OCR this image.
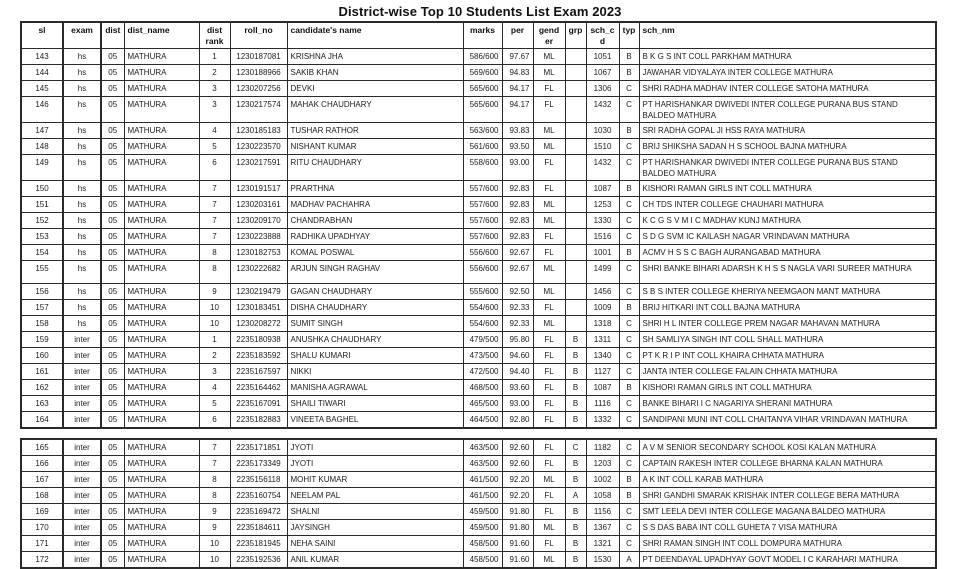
District-wise Top 10 Students List Exam 2023
sl	exam	dist	dist_name	dist rank	roll_no	candidate's name	marks	per	gender	grp	sch_cd	typ	sch_nm
143	hs	05	MATHURA	1	1230187081	KRISHNA JHA	586/600	97.67	ML		1051	B	B K G S INT COLL PARKHAM MATHURA
144	hs	05	MATHURA	2	1230188966	SAKIB KHAN	569/600	94.83	ML		1067	B	JAWAHAR VIDYALAYA INTER COLLEGE MATHURA
145	hs	05	MATHURA	3	1230207256	DEVKI	565/600	94.17	FL		1306	C	SHRI RADHA MADHAV INTER COLLEGE SATOHA MATHURA
146	hs	05	MATHURA	3	1230217574	MAHAK CHAUDHARY	565/600	94.17	FL		1432	C	PT HARISHANKAR DWIVEDI INTER COLLEGE PURANA BUS STAND BALDEO MATHURA
147	hs	05	MATHURA	4	1230185183	TUSHAR RATHOR	563/600	93.83	ML		1030	B	SRI RADHA GOPAL JI HSS RAYA MATHURA
148	hs	05	MATHURA	5	1230223570	NISHANT KUMAR	561/600	93.50	ML		1510	C	BRIJ SHIKSHA SADAN H S SCHOOL BAJNA MATHURA
149	hs	05	MATHURA	6	1230217591	RITU CHAUDHARY	558/600	93.00	FL		1432	C	PT HARISHANKAR DWIVEDI INTER COLLEGE PURANA BUS STAND BALDEO MATHURA
150	hs	05	MATHURA	7	1230191517	PRARTHNA	557/600	92.83	FL		1087	B	KISHORI RAMAN GIRLS INT COLL MATHURA
151	hs	05	MATHURA	7	1230203161	MADHAV PACHAHRA	557/600	92.83	ML		1253	C	CH TDS INTER COLLEGE CHAUHARI MATHURA
152	hs	05	MATHURA	7	1230209170	CHANDRABHAN	557/600	92.83	ML		1330	C	K C G S V M I C MADHAV KUNJ MATHURA
153	hs	05	MATHURA	7	1230223888	RADHIKA UPADHYAY	557/600	92.83	FL		1516	C	S D G SVM IC KAILASH NAGAR VRINDAVAN MATHURA
154	hs	05	MATHURA	8	1230182753	KOMAL POSWAL	556/600	92.67	FL		1001	B	ACMV H S S C BAGH AURANGABAD MATHURA
155	hs	05	MATHURA	8	1230222682	ARJUN SINGH RAGHAV	556/600	92.67	ML		1499	C	SHRI BANKE BIHARI ADARSH K H S S NAGLA VARI SUREER MATHURA
156	hs	05	MATHURA	9	1230219479	GAGAN CHAUDHARY	555/600	92.50	ML		1456	C	S B S INTER COLLEGE KHERIYA NEEMGAON MANT MATHURA
157	hs	05	MATHURA	10	1230183451	DISHA CHAUDHARY	554/600	92.33	FL		1009	B	BRIJ HITKARI INT COLL BAJNA MATHURA
158	hs	05	MATHURA	10	1230208272	SUMIT SINGH	554/600	92.33	ML		1318	C	SHRI H L INTER COLLEGE PREM NAGAR MAHAVAN MATHURA
159	inter	05	MATHURA	1	2235180938	ANUSHKA CHAUDHARY	479/500	95.80	FL	B	1311	C	SH SAMLIYA SINGH INT COLL SHALL MATHURA
160	inter	05	MATHURA	2	2235183592	SHALU KUMARI	473/500	94.60	FL	B	1340	C	PT K R I P INT COLL KHAIRA CHHATA MATHURA
161	inter	05	MATHURA	3	2235167597	NIKKI	472/500	94.40	FL	B	1127	C	JANTA INTER COLLEGE FALAIN CHHATA MATHURA
162	inter	05	MATHURA	4	2235164462	MANISHA AGRAWAL	468/500	93.60	FL	B	1087	B	KISHORI RAMAN GIRLS INT COLL MATHURA
163	inter	05	MATHURA	5	2235167091	SHAILI TIWARI	465/500	93.00	FL	B	1116	C	BANKE BIHARI I C NAGARIYA SHERANI MATHURA
164	inter	05	MATHURA	6	2235182883	VINEETA BAGHEL	464/500	92.80	FL	B	1332	C	SANDIPANI MUNI INT COLL CHAITANYA VIHAR VRINDAVAN MATHURA
165	inter	05	MATHURA	7	2235171851	JYOTI	463/500	92.60	FL	C	1182	C	A V M SENIOR SECONDARY SCHOOL KOSI KALAN MATHURA
166	inter	05	MATHURA	7	2235173349	JYOTI	463/500	92.60	FL	B	1203	C	CAPTAIN RAKESH INTER COLLEGE BHARNA KALAN MATHURA
167	inter	05	MATHURA	8	2235156118	MOHIT KUMAR	461/500	92.20	ML	B	1002	B	A K INT COLL KARAB MATHURA
168	inter	05	MATHURA	8	2235160754	NEELAM PAL	461/500	92.20	FL	A	1058	B	SHRI GANDHI SMARAK KRISHAK INTER COLLEGE BERA MATHURA
169	inter	05	MATHURA	9	2235169472	SHALNI	459/500	91.80	FL	B	1156	C	SMT LEELA DEVI INTER COLLEGE MAGANA BALDEO MATHURA
170	inter	05	MATHURA	9	2235184611	JAYSINGH	459/500	91.80	ML	B	1367	C	S S DAS BABA INT COLL GUHETA 7 VISA MATHURA
171	inter	05	MATHURA	10	2235181945	NEHA SAINI	458/500	91.60	FL	B	1321	C	SHRI RAMAN SINGH INT COLL DOMPURA MATHURA
172	inter	05	MATHURA	10	2235192536	ANIL KUMAR	458/500	91.60	ML	B	1530	A	PT DEENDAYAL UPADHYAY GOVT MODEL I C KARAHARI MATHURA
